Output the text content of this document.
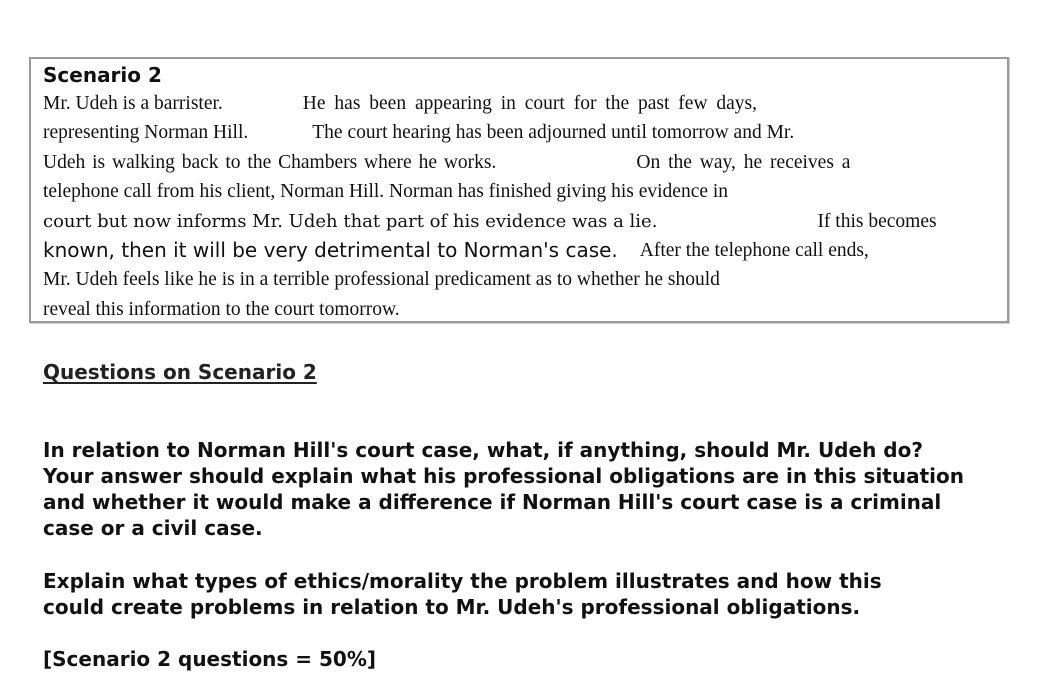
Scenario 2
Mr. Udeh is a barrister.	He has been appearing in court for the past few days,
representing Norman Hill.	The court hearing has been adjourned until tomorrow and Mr.
Udeh is walking back to the Chambers where he works.	On the way, he receives a
telephone call from his client, Norman Hill. Norman has finished giving his evidence in
court but now informs Mr. Udeh that part of his evidence was a lie.	If this becomes
known, then it will be very detrimental to Norman's case. After the telephone call ends,
Mr. Udeh feels like he is in a terrible professional predicament as to whether he should
reveal this information to the court tomorrow.
Questions on Scenario 2
In relation to Norman Hill's court case, what, if anything, should Mr. Udeh do?
Your answer should explain what his professional obligations are in this situation
and whether it would make a difference if Norman Hill's court case is a criminal
case or a civil case.
Explain what types of ethics/morality the problem illustrates and how this
could create problems in relation to Mr. Udeh's professional obligations.
[Scenario 2 questions = 50%]
